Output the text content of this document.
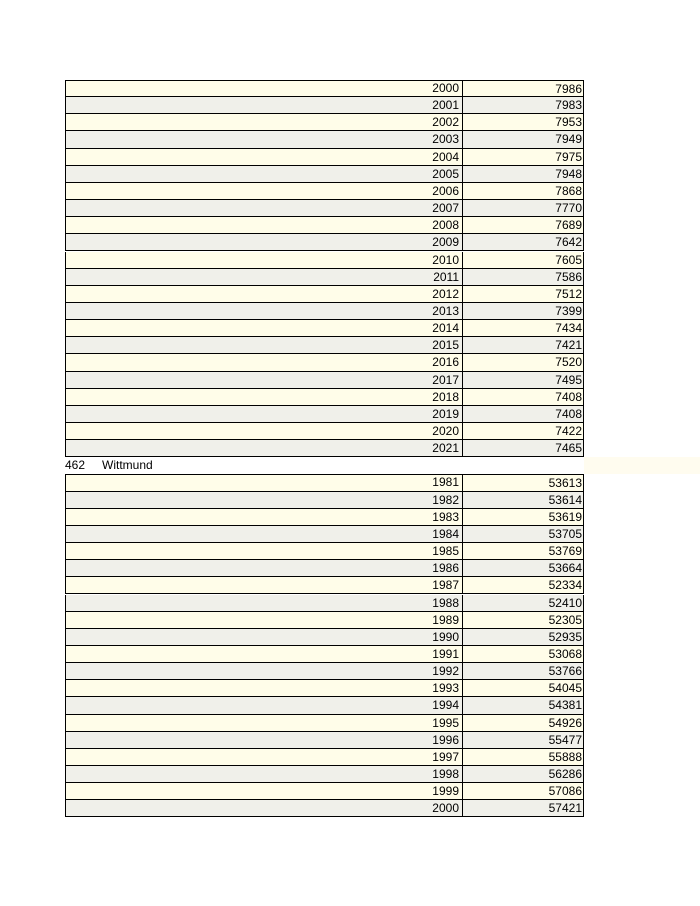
2000	7986
2001	7983
2002	7953
2003	7949
2004	7975
2005	7948
2006	7868
2007	7770
2008	7689
2009	7642
2010	7605
2011	7586
2012	7512
2013	7399
2014	7434
2015	7421
2016	7520
2017	7495
2018	7408
2019	7408
2020	7422
2021	7465
462 Wittmund
1981	53613
1982	53614
1983	53619
1984	53705
1985	53769
1986	53664
1987	52334
1988	52410
1989	52305
1990	52935
1991	53068
1992	53766
1993	54045
1994	54381
1995	54926
1996	55477
1997	55888
1998	56286
1999	57086
2000	57421
